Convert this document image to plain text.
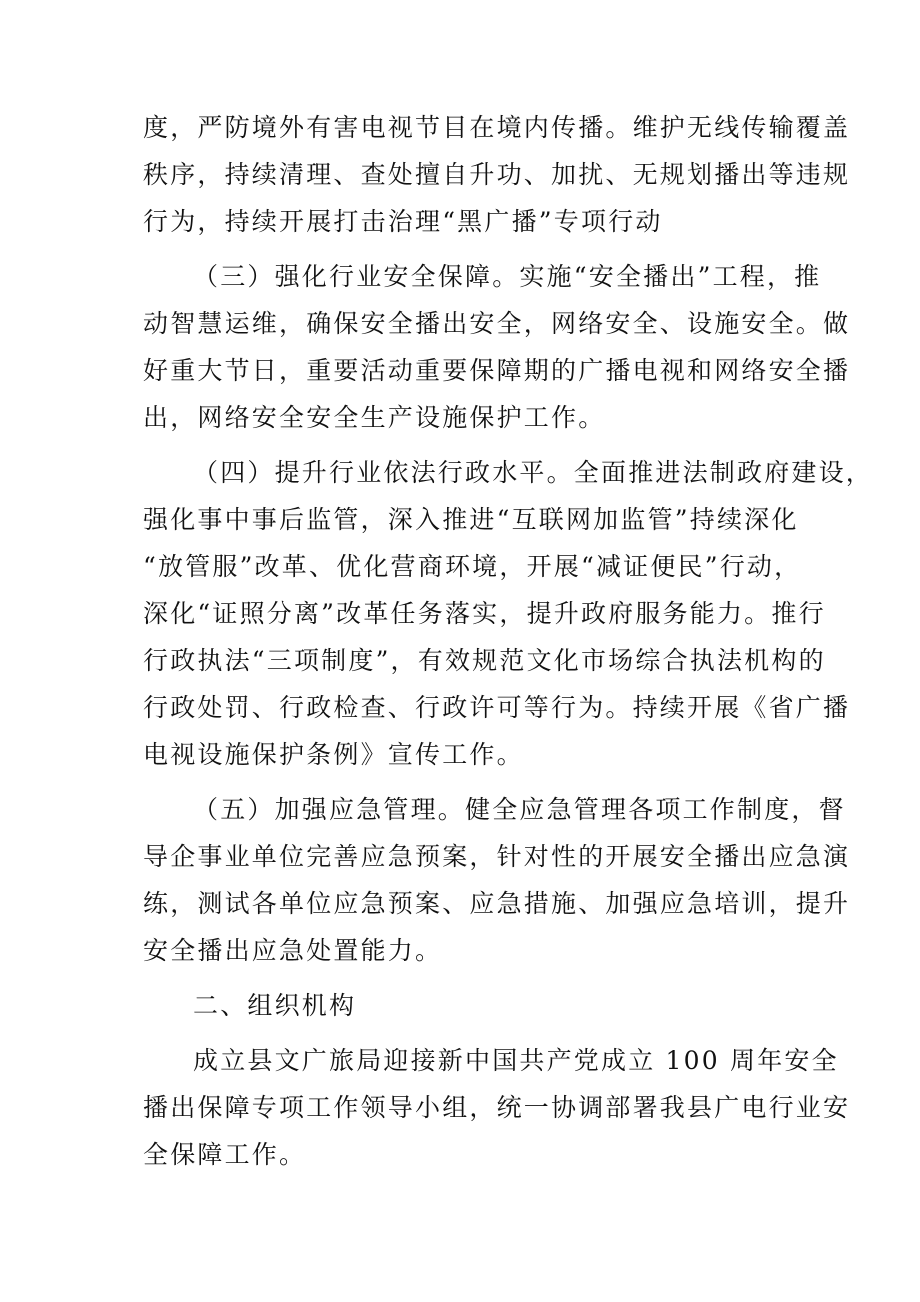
度，严防境外有害电视节目在境内传播。维护无线传输覆盖
秩序，持续清理、查处擅自升功、加扰、无规划播出等违规
行为，持续开展打击治理“黑广播”专项行动
（三）强化行业安全保障。实施“安全播出”工程，推
动智慧运维，确保安全播出安全，网络安全、设施安全。做
好重大节日，重要活动重要保障期的广播电视和网络安全播
出，网络安全安全生产设施保护工作。
（四）提升行业依法行政水平。全面推进法制政府建设，
强化事中事后监管，深入推进“互联网加监管”持续深化
“放管服”改革、优化营商环境，开展“减证便民”行动，
深化“证照分离”改革任务落实，提升政府服务能力。推行
行政执法“三项制度”，有效规范文化市场综合执法机构的
行政处罚、行政检查、行政许可等行为。持续开展《省广播
电视设施保护条例》宣传工作。
（五）加强应急管理。健全应急管理各项工作制度，督
导企事业单位完善应急预案，针对性的开展安全播出应急演
练，测试各单位应急预案、应急措施、加强应急培训，提升
安全播出应急处置能力。
二、组织机构
成立县文广旅局迎接新中国共产党成立 100 周年安全
播出保障专项工作领导小组，统一协调部署我县广电行业安
全保障工作。
